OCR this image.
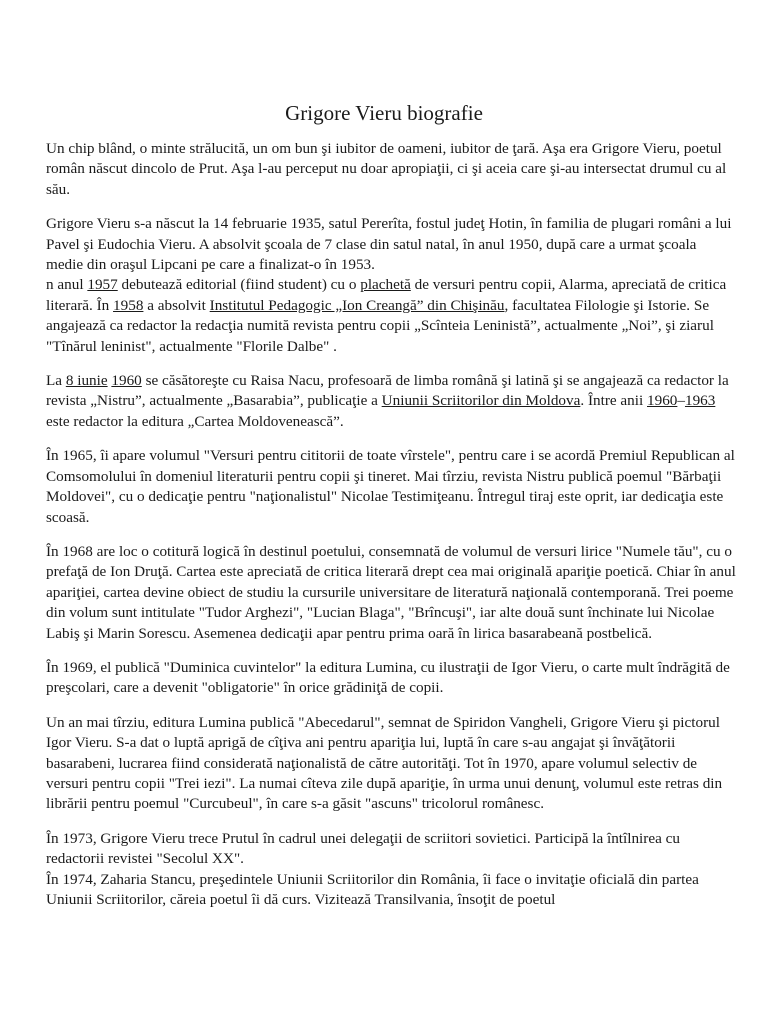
Grigore Vieru biografie

Un chip blând, o minte strălucită, un om bun şi iubitor de oameni, iubitor de ţară. Aşa era Grigore Vieru, poetul român născut dincolo de Prut. Aşa l-au perceput nu doar apropiaţii, ci şi aceia care şi-au intersectat drumul cu al său.

Grigore Vieru s-a născut la 14 februarie 1935, satul Pererîta, fostul judeţ Hotin, în familia de plugari români a lui Pavel şi Eudochia Vieru. A absolvit şcoala de 7 clase din satul natal, în anul 1950, după care a urmat şcoala medie din oraşul Lipcani pe care a finalizat-o în 1953.
n anul 1957 debutează editorial (fiind student) cu o plachetă de versuri pentru copii, Alarma, apreciată de critica literară. În 1958 a absolvit Institutul Pedagogic „Ion Creangă” din Chişinău, facultatea Filologie şi Istorie. Se angajează ca redactor la redacţia numită revista pentru copii „Scînteia Leninistă”, actualmente „Noi”, şi ziarul "Tînărul leninist", actualmente "Florile Dalbe" .

La 8 iunie 1960 se căsătoreşte cu Raisa Nacu, profesoară de limba română şi latină şi se angajează ca redactor la revista „Nistru”, actualmente „Basarabia”, publicaţie a Uniunii Scriitorilor din Moldova. Între anii 1960–1963 este redactor la editura „Cartea Moldovenească”.

În 1965, îi apare volumul "Versuri pentru cititorii de toate vîrstele", pentru care i se acordă Premiul Republican al Comsomolului în domeniul literaturii pentru copii şi tineret. Mai tîrziu, revista Nistru publică poemul "Bărbaţii Moldovei", cu o dedicaţie pentru "naţionalistul" Nicolae Testimiţeanu. Întregul tiraj este oprit, iar dedicaţia este scoasă.

În 1968 are loc o cotitură logică în destinul poetului, consemnată de volumul de versuri lirice "Numele tău", cu o prefaţă de Ion Druţă. Cartea este apreciată de critica literară drept cea mai originală apariţie poetică. Chiar în anul apariţiei, cartea devine obiect de studiu la cursurile universitare de literatură naţională contemporană. Trei poeme din volum sunt intitulate "Tudor Arghezi", "Lucian Blaga", "Brîncuşi", iar alte două sunt închinate lui Nicolae Labiş şi Marin Sorescu. Asemenea dedicaţii apar pentru prima oară în lirica basarabeană postbelică.

În 1969, el publică "Duminica cuvintelor" la editura Lumina, cu ilustraţii de Igor Vieru, o carte mult îndrăgită de preşcolari, care a devenit "obligatorie" în orice grădiniţă de copii.

Un an mai tîrziu, editura Lumina publică "Abecedarul", semnat de Spiridon Vangheli, Grigore Vieru şi pictorul Igor Vieru. S-a dat o luptă aprigă de cîţiva ani pentru apariţia lui, luptă în care s-au angajat şi învăţătorii basarabeni, lucrarea fiind considerată naţionalistă de către autorităţi. Tot în 1970, apare volumul selectiv de versuri pentru copii "Trei iezi". La numai cîteva zile după apariţie, în urma unui denunţ, volumul este retras din librării pentru poemul "Curcubeul", în care s-a găsit "ascuns" tricolorul românesc.

În 1973, Grigore Vieru trece Prutul în cadrul unei delegaţii de scriitori sovietici. Participă la întîlnirea cu redactorii revistei "Secolul XX".
În 1974, Zaharia Stancu, preşedintele Uniunii Scriitorilor din România, îi face o invitaţie oficială din partea Uniunii Scriitorilor, căreia poetul îi dă curs. Vizitează Transilvania, însoţit de poetul
